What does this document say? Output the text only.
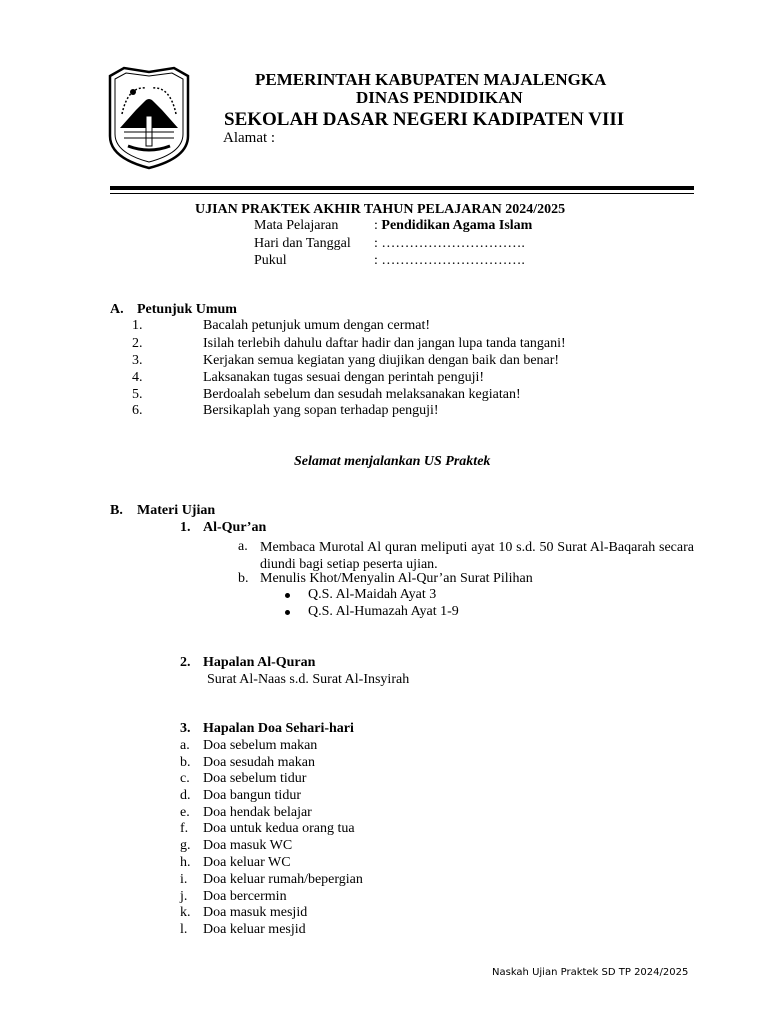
PEMERINTAH KABUPATEN MAJALENGKA
DINAS PENDIDIKAN
SEKOLAH DASAR NEGERI KADIPATEN VIII
Alamat :
UJIAN PRAKTEK AKHIR TAHUN PELAJARAN 2024/2025
Mata Pelajaran	: Pendidikan Agama Islam
Hari dan Tanggal : ………………………….
Pukul	: ………………………….
A. Petunjuk Umum
1.	Bacalah petunjuk umum dengan cermat!
2.	Isilah terlebih dahulu daftar hadir dan jangan lupa tanda tangani!
3.	Kerjakan semua kegiatan yang diujikan dengan baik dan benar!
4.	Laksanakan tugas sesuai dengan perintah penguji!
5.	Berdoalah sebelum dan sesudah melaksanakan kegiatan!
6.	Bersikaplah yang sopan terhadap penguji!
Selamat menjalankan US Praktek
B. Materi Ujian
1. Al-Qur’an
a. Membaca Murotal Al quran meliputi ayat 10 s.d. 50 Surat Al-Baqarah secara diundi bagi setiap peserta ujian.
b. Menulis Khot/Menyalin Al-Qur’an Surat Pilihan
Q.S. Al-Maidah Ayat 3
Q.S. Al-Humazah Ayat 1-9
2. Hapalan Al-Quran
Surat Al-Naas s.d. Surat Al-Insyirah
3. Hapalan Doa Sehari-hari
a. Doa sebelum makan
b. Doa sesudah makan
c. Doa sebelum tidur
d. Doa bangun tidur
e. Doa hendak belajar
f. Doa untuk kedua orang tua
g. Doa masuk WC
h. Doa keluar WC
i. Doa keluar rumah/bepergian
j. Doa bercermin
k. Doa masuk mesjid
l. Doa keluar mesjid
Naskah Ujian Praktek SD TP 2024/2025
